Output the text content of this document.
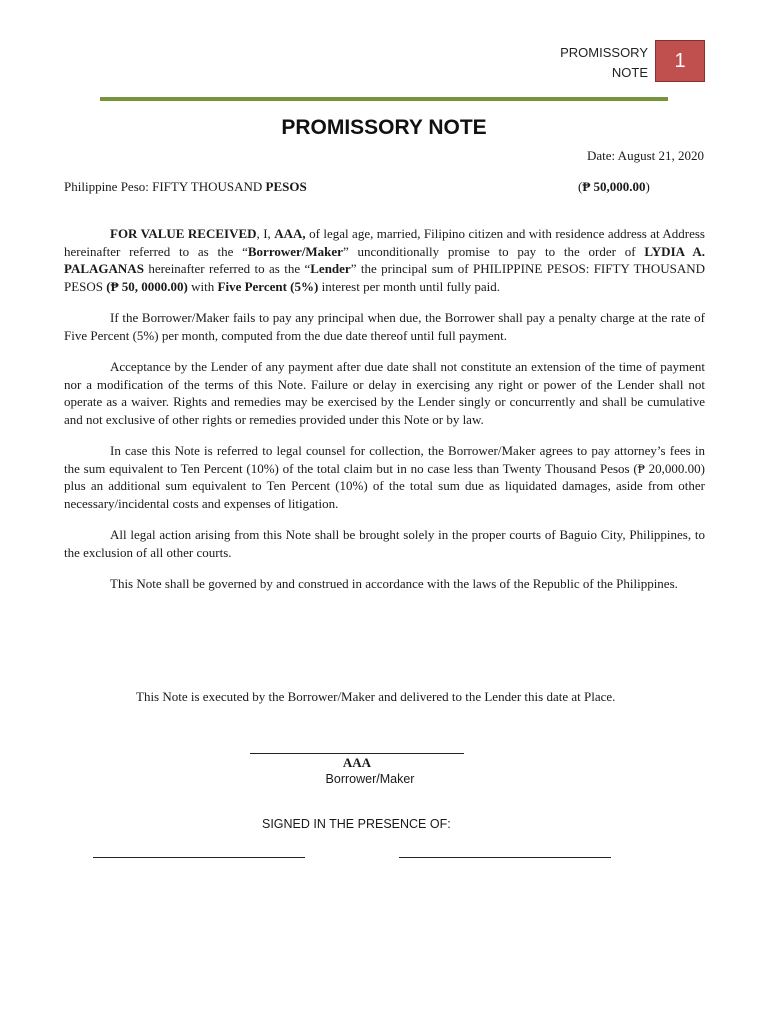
PROMISSORY
NOTE
1
PROMISSORY NOTE
Date: August 21, 2020
Philippine Peso: FIFTY THOUSAND PESOS	(₱ 50,000.00)

FOR VALUE RECEIVED, I, AAA, of legal age, married, Filipino citizen and with residence address at Address hereinafter referred to as the “Borrower/Maker” unconditionally promise to pay to the order of LYDIA A. PALAGANAS hereinafter referred to as the “Lender” the principal sum of PHILIPPINE PESOS: FIFTY THOUSAND PESOS (₱ 50, 0000.00) with Five Percent (5%) interest per month until fully paid.

If the Borrower/Maker fails to pay any principal when due, the Borrower shall pay a penalty charge at the rate of Five Percent (5%) per month, computed from the due date thereof until full payment.

Acceptance by the Lender of any payment after due date shall not constitute an extension of the time of payment nor a modification of the terms of this Note. Failure or delay in exercising any right or power of the Lender shall not operate as a waiver. Rights and remedies may be exercised by the Lender singly or concurrently and shall be cumulative and not exclusive of other rights or remedies provided under this Note or by law.

In case this Note is referred to legal counsel for collection, the Borrower/Maker agrees to pay attorney’s fees in the sum equivalent to Ten Percent (10%) of the total claim but in no case less than Twenty Thousand Pesos (₱ 20,000.00) plus an additional sum equivalent to Ten Percent (10%) of the total sum due as liquidated damages, aside from other necessary/incidental costs and expenses of litigation.

All legal action arising from this Note shall be brought solely in the proper courts of Baguio City, Philippines, to the exclusion of all other courts.

This Note shall be governed by and construed in accordance with the laws of the Republic of the Philippines.

This Note is executed by the Borrower/Maker and delivered to the Lender this date at Place.
AAA
Borrower/Maker
SIGNED IN THE PRESENCE OF:
